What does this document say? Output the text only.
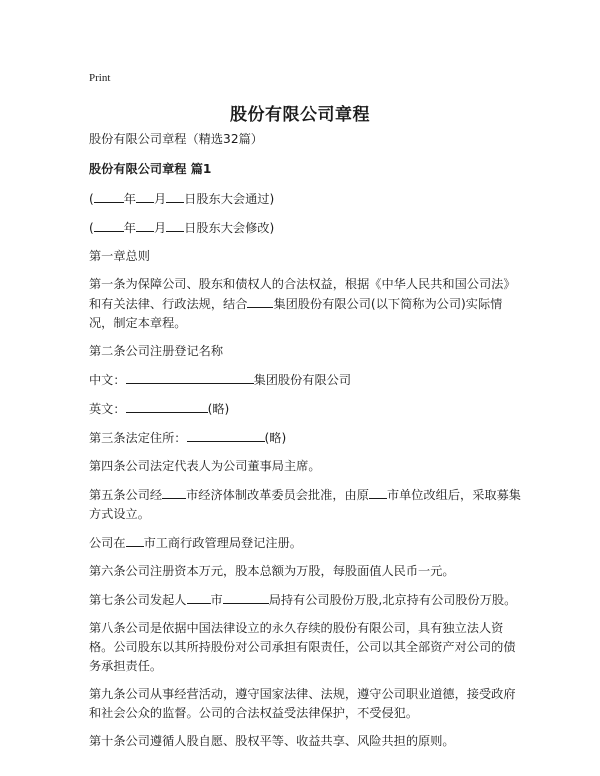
Print
股份有限公司章程
股份有限公司章程（精选32篇）
股份有限公司章程 篇1
( 年 月 日股东大会通过)
( 年 月 日股东大会修改)
第一章总则
第一条为保障公司、股东和债权人的合法权益，根据《中华人民共和国公司法》和有关法律、行政法规，结合 集团股份有限公司(以下简称为公司)实际情况，制定本章程。
第二条公司注册登记名称
中文：	集团股份有限公司
英文：	(略)
第三条法定住所：	(略)
第四条公司法定代表人为公司董事局主席。
第五条公司经 市经济体制改革委员会批准，由原 市单位改组后，采取募集方式设立。
公司在 市工商行政管理局登记注册。
第六条公司注册资本万元，股本总额为万股，每股面值人民币一元。
第七条公司发起人 市	局持有公司股份万股,北京持有公司股份万股。
第八条公司是依据中国法律设立的永久存续的股份有限公司，具有独立法人资格。公司股东以其所持股份对公司承担有限责任，公司以其全部资产对公司的债务承担责任。
第九条公司从事经营活动，遵守国家法律、法规，遵守公司职业道德，接受政府和社会公众的监督。公司的合法权益受法律保护，不受侵犯。
第十条公司遵循人股自愿、股权平等、收益共享、风险共担的原则。
